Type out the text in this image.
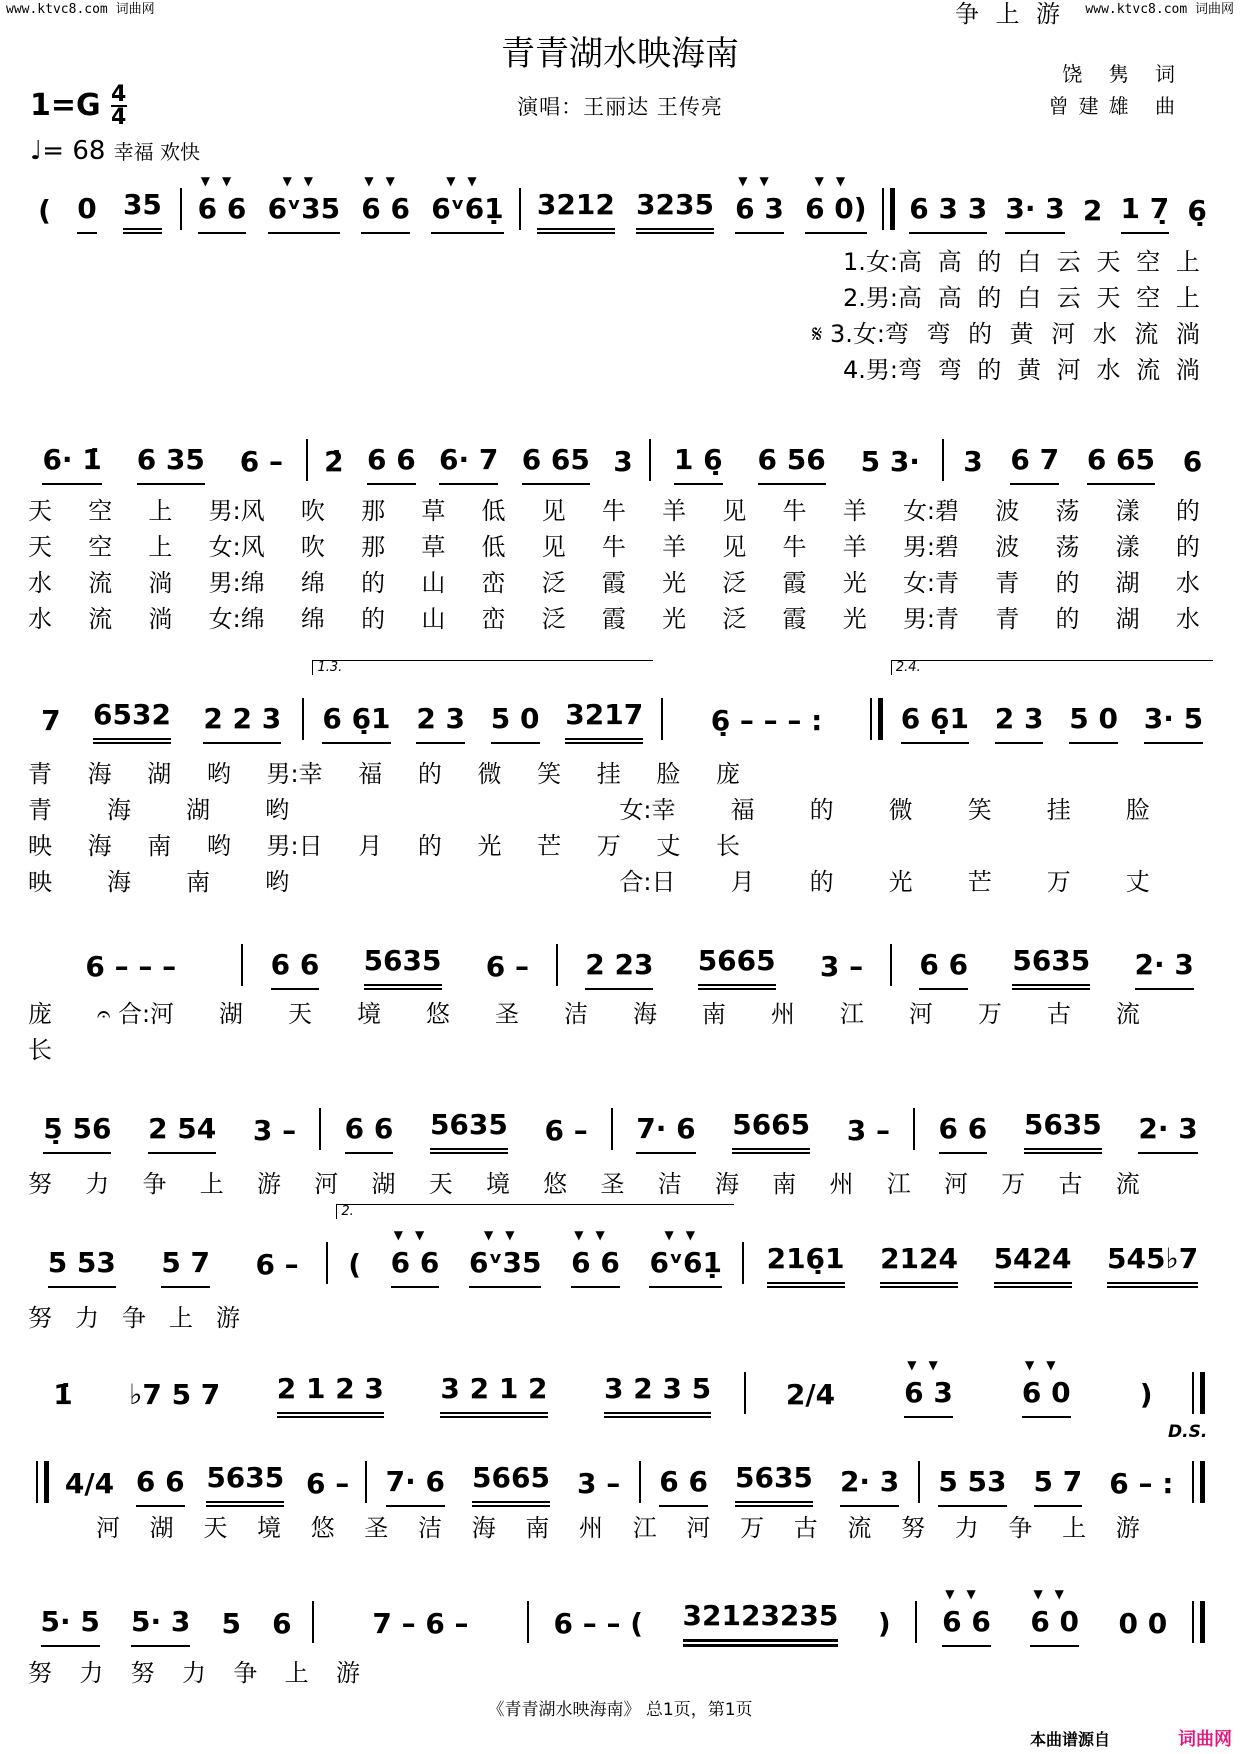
www.ktvc8.com 词曲网	www.ktvc8.com 词曲网
青青湖水映海南
演唱：王丽达 王传亮
饶 隽 词
曾建雄 曲
$1=G \frac{4}{4}$
♩= 68 幸福 欢快
( 0 35 6 6
▼▼
6ᵛ35
▼▼
6 6
▼▼
6ᵛ61̣
▼▼
3212 3235 6 3
▼▼
6 0)
▼▼
6 3 3 3· 3 2 1 7̣ 6̣
1.女:高 高 的 白 云 天 空 上
2.男:高 高 的 白 云 天 空 上
𝄋 3.女:弯 弯 的 黄 河 水 流 淌
4.男:弯 弯 的 黄 河 水 流 淌
6· 1̇ 6 35 6 – 2̇ 6 6 6· 7 6 65 3 1 6̣ 6 56 5 3· 3 6 7 6 65 6
天 空 上 男:风 吹 那 草 低 见 牛 羊 见 牛 羊 女:碧 波 荡 漾 的
天 空 上 女:风 吹 那 草 低 见 牛 羊 见 牛 羊 男:碧 波 荡 漾 的
水 流 淌 男:绵 绵 的 山 峦 泛 霞 光 泛 霞 光 女:青 青 的 湖 水
水 流 淌 女:绵 绵 的 山 峦 泛 霞 光 泛 霞 光 男:青 青 的 湖 水
7 6532 2 2 3
1.3.
6 6̣1 2 3 5 0 3217 6̣ – – – :
2.4.
6 6̣1 2 3 5 0 3· 5
青 海 湖 哟 男:幸 福 的 微 笑 挂 脸 庞
青 海 湖 哟	女:幸 福 的 微 笑 挂 脸
映 海 南 哟 男:日 月 的 光 芒 万 丈 长
映 海 南 哟	合:日 月 的 光 芒 万 丈
6 – – –	6 6 5635 6 – 2 23 5665 3 – 6 6 5635 2· 3
庞 𝄐 合:河 湖 天 境 悠 圣 洁 海 南 州 江 河 万 古 流
长
5̣ 56 2 54 3 – 6 6 5635 6 – 7· 6 5665 3 – 6 6 5635 2· 3
努 力 争 上 游 河 湖 天 境 悠 圣 洁 海 南 州 江 河 万 古 流
5 53 5 7 6 –
2.
( 6 6
▼▼
6ᵛ35
▼▼
6 6
▼▼
6ᵛ61̣
▼▼
216̣1 2124 5424 545♭7
努 力 争 上 游
1̇ ♭7 5 7 2 1 2 3 3 2 1 2 3 2 3 5	2/4 6 3
▼▼
6 0
▼▼
)
D.S.
4/4 6 6 5635 6 – 7· 6 5665 3 – 6 6 5635 2· 3 5 53 5 7 6 – :
河 湖 天 境 悠 圣 洁 海 南 州 江 河 万 古 流 努 力 争 上 游
5· 5 5· 3 5 6	7 – 6 –	6 – – ( 32123235 ) 6 6
▼▼
6 0
▼▼
0 0
努 力 努 力 争 上 游
争 上 游
《青青湖水映海南》 总1页，第1页
本曲谱源自	词曲网
